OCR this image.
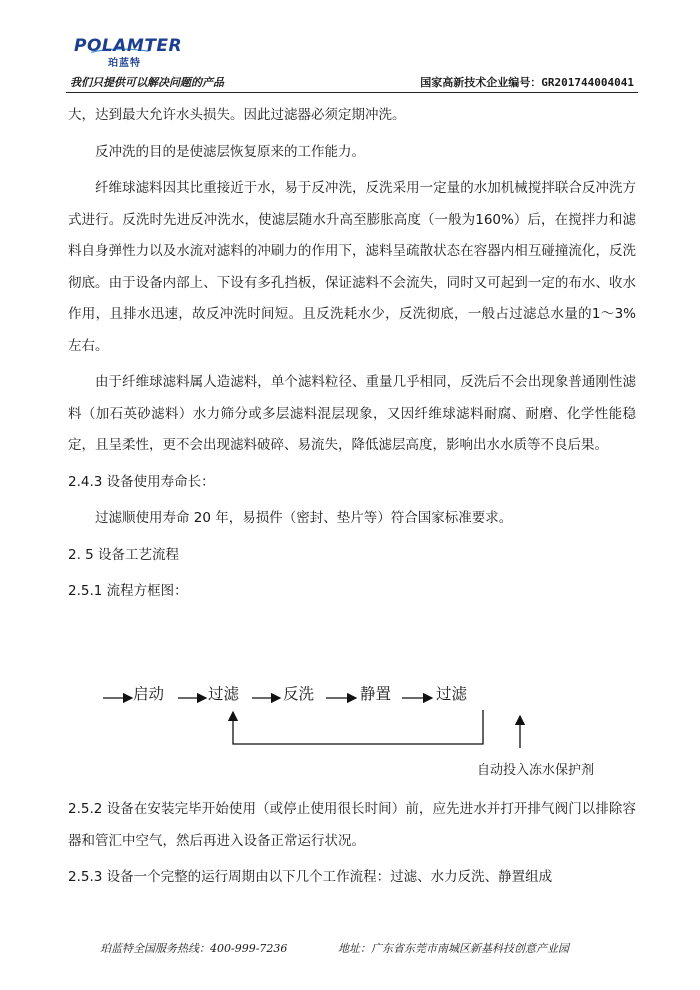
POLAMTER
珀蓝特
我们只提供可以解决问题的产品	国家高新技术企业编号：GR201744004041

大，达到最大允许水头损失。因此过滤器必须定期冲洗。

反冲洗的目的是使滤层恢复原来的工作能力。

纤维球滤料因其比重接近于水，易于反冲洗，反洗采用一定量的水加机械搅拌联合反冲洗方式进行。反洗时先进反冲洗水，使滤层随水升高至膨胀高度（一般为160%）后，在搅拌力和滤料自身弹性力以及水流对滤料的冲刷力的作用下，滤料呈疏散状态在容器内相互碰撞流化，反洗彻底。由于设备内部上、下设有多孔挡板，保证滤料不会流失，同时又可起到一定的布水、收水作用，且排水迅速，故反冲洗时间短。且反洗耗水少，反洗彻底，一般占过滤总水量的1～3%左右。

由于纤维球滤料属人造滤料，单个滤料粒径、重量几乎相同，反洗后不会出现象普通刚性滤料（加石英砂滤料）水力筛分或多层滤料混层现象，又因纤维球滤料耐腐、耐磨、化学性能稳定，且呈柔性，更不会出现滤料破碎、易流失，降低滤层高度，影响出水水质等不良后果。

2.4.3 设备使用寿命长：

过滤顺使用寿命 20 年，易损件（密封、垫片等）符合国家标准要求。

2. 5 设备工艺流程

2.5.1 流程方框图：

启动	过滤	反洗	静置	过滤
自动投入冻水保护剂

2.5.2 设备在安装完毕开始使用（或停止使用很长时间）前，应先进水并打开排气阀门以排除容器和管汇中空气，然后再进入设备正常运行状况。

2.5.3 设备一个完整的运行周期由以下几个工作流程：过滤、水力反洗、静置组成

珀蓝特全国服务热线：400-999-7236	地址：广东省东莞市南城区新基科技创意产业园
